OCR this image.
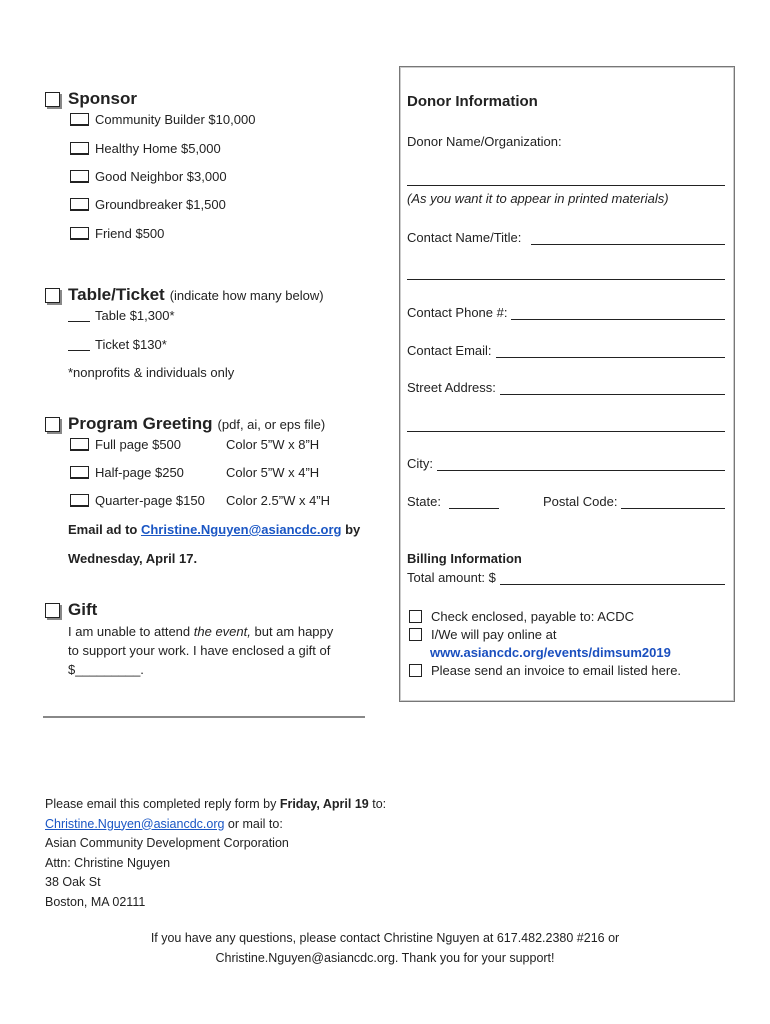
Sponsor
Community Builder $10,000
Healthy Home $5,000
Good Neighbor $3,000
Groundbreaker $1,500
Friend $500
Table/Ticket (indicate how many below)
Table $1,300*
Ticket $130*
*nonprofits & individuals only
Program Greeting (pdf, ai, or eps file)
Full page $500	Color 5”W x 8”H
Half-page $250	Color 5”W x 4”H
Quarter-page $150 Color 2.5”W x 4”H
Email ad to Christine.Nguyen@asiancdc.org by
Wednesday, April 17.
Gift
I am unable to attend the event, but am happy
to support your work. I have enclosed a gift of
$_________.
Donor Information
Donor Name/Organization:
(As you want it to appear in printed materials)
Contact Name/Title:
Contact Phone #:
Contact Email:
Street Address:
City:
State:	Postal Code:
Billing Information
Total amount: $
Check enclosed, payable to: ACDC
I/We will pay online at
www.asiancdc.org/events/dimsum2019
Please send an invoice to email listed here.
Please email this completed reply form by Friday, April 19 to:
Christine.Nguyen@asiancdc.org or mail to:
Asian Community Development Corporation
Attn: Christine Nguyen
38 Oak St
Boston, MA 02111
If you have any questions, please contact Christine Nguyen at 617.482.2380 #216 or
Christine.Nguyen@asiancdc.org. Thank you for your support!
